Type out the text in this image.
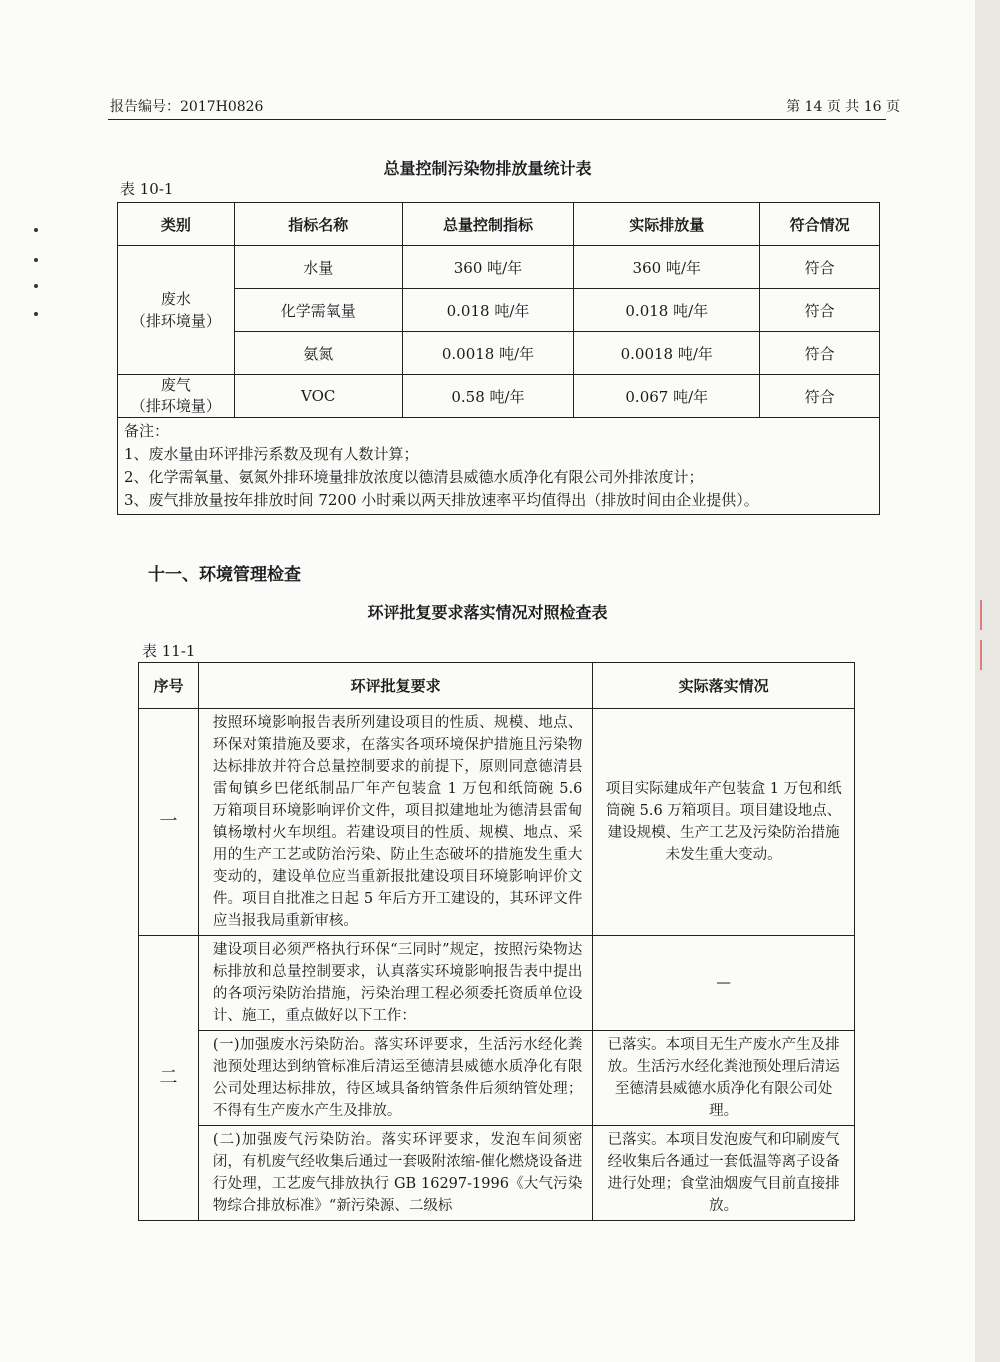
报告编号：2017H0826	第 14 页 共 16 页
总量控制污染物排放量统计表
表 10-1
类别	指标名称	总量控制指标	实际排放量	符合情况
废水
（排环境量）	水量	360 吨/年	360 吨/年	符合
	化学需氧量	0.018 吨/年	0.018 吨/年	符合
	氨氮	0.0018 吨/年	0.0018 吨/年	符合
废气
（排环境量）	VOC	0.58 吨/年	0.067 吨/年	符合

备注：
1、废水量由环评排污系数及现有人数计算；
2、化学需氧量、氨氮外排环境量排放浓度以德清县威德水质净化有限公司外排浓度计；
3、废气排放量按年排放时间 7200 小时乘以两天排放速率平均值得出（排放时间由企业提供）。				
十一、环境管理检查
环评批复要求落实情况对照检查表
表 11-1
序号	环评批复要求	实际落实情况
一	按照环境影响报告表所列建设项目的性质、规模、地点、环保对策措施及要求，在落实各项环境保护措施且污染物达标排放并符合总量控制要求的前提下，原则同意德清县雷甸镇乡巴佬纸制品厂年产包装盒 1 万包和纸筒碗 5.6 万箱项目环境影响评价文件，项目拟建地址为德清县雷甸镇杨墩村火车坝组。若建设项目的性质、规模、地点、采用的生产工艺或防治污染、防止生态破坏的措施发生重大变动的，建设单位应当重新报批建设项目环境影响评价文件。项目自批准之日起 5 年后方开工建设的，其环评文件应当报我局重新审核。	项目实际建成年产包装盒 1 万包和纸筒碗 5.6 万箱项目。项目建设地点、建设规模、生产工艺及污染防治措施未发生重大变动。
二	建设项目必须严格执行环保“三同时”规定，按照污染物达标排放和总量控制要求，认真落实环境影响报告表中提出的各项污染防治措施，污染治理工程必须委托资质单位设计、施工，重点做好以下工作：	—
	(一)加强废水污染防治。落实环评要求，生活污水经化粪池预处理达到纳管标准后清运至德清县威德水质净化有限公司处理达标排放，待区域具备纳管条件后须纳管处理；不得有生产废水产生及排放。	已落实。本项目无生产废水产生及排放。生活污水经化粪池预处理后清运至德清县威德水质净化有限公司处理。
	(二)加强废气污染防治。落实环评要求，发泡车间须密闭，有机废气经收集后通过一套吸附浓缩-催化燃烧设备进行处理，工艺废气排放执行 GB 16297-1996《大气污染物综合排放标准》“新污染源、二级标	已落实。本项目发泡废气和印刷废气经收集后各通过一套低温等离子设备进行处理；食堂油烟废气目前直接排放。
